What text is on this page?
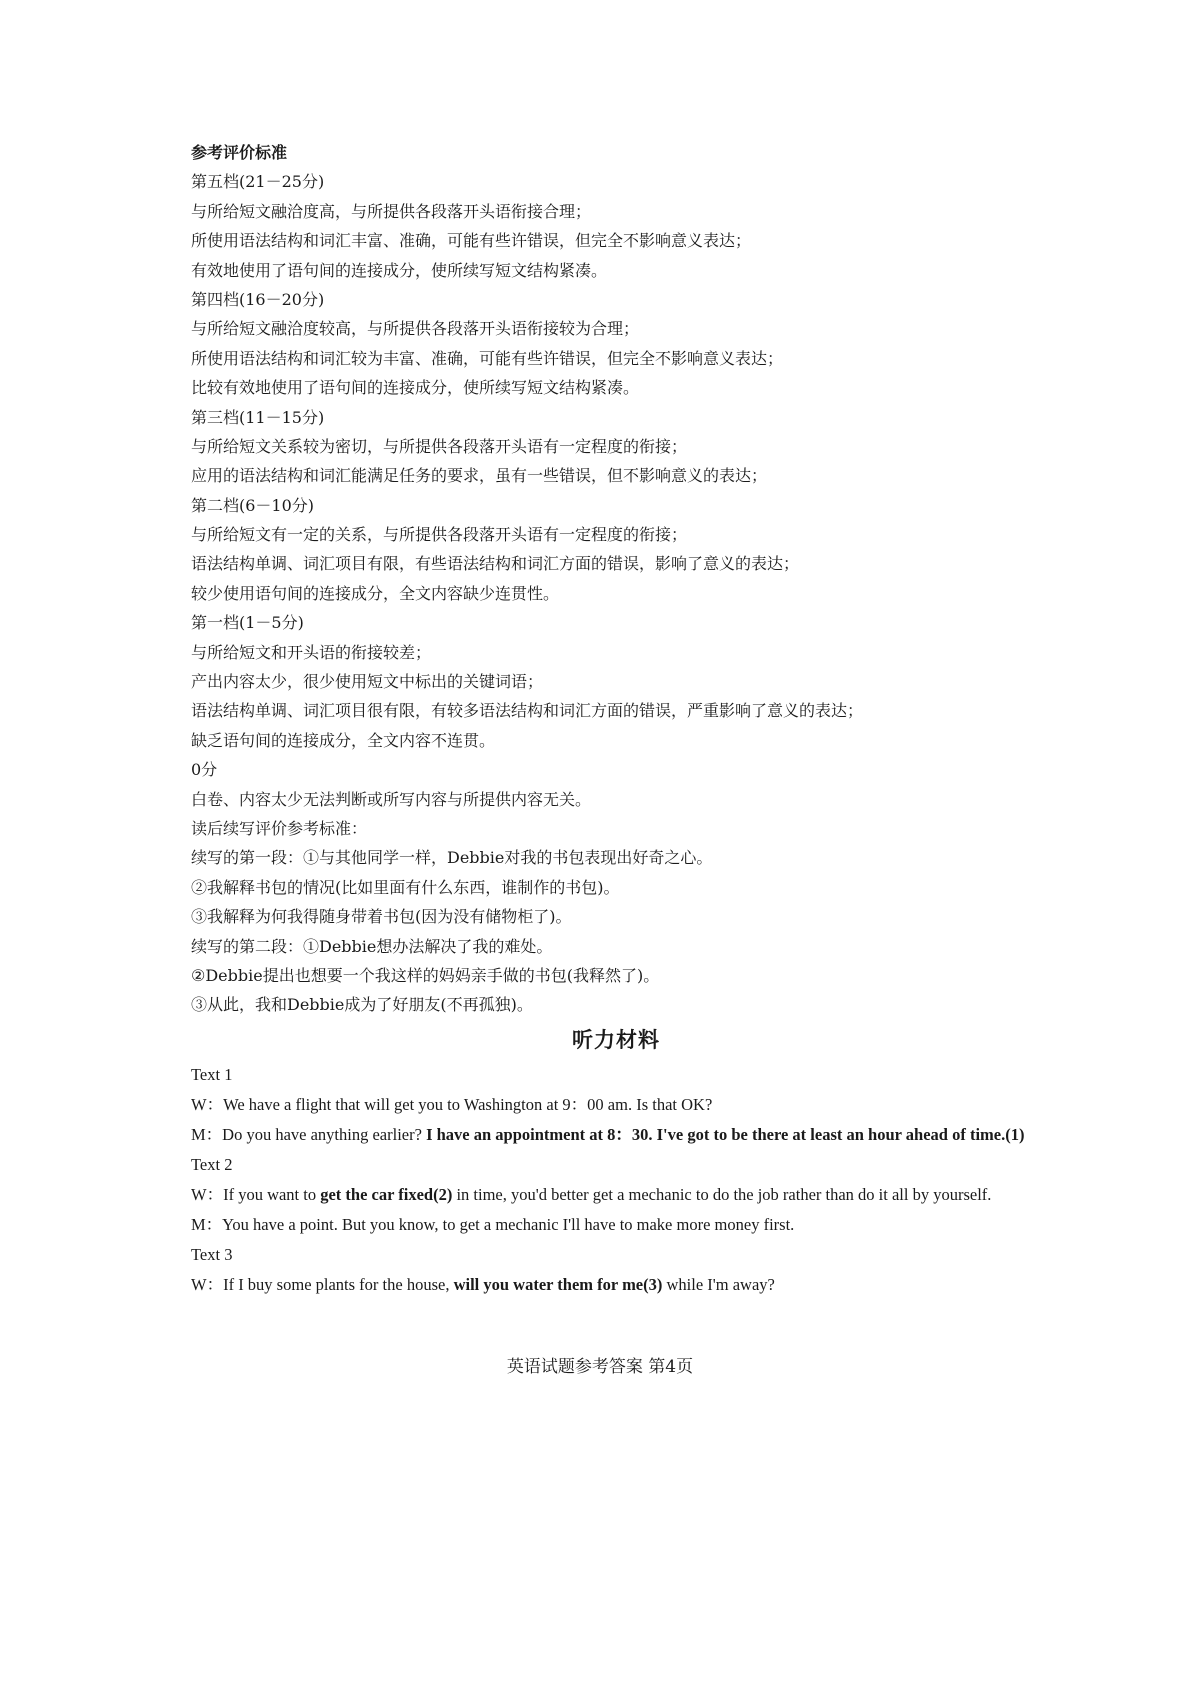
参考评价标准
第五档(21－25分)
与所给短文融洽度高，与所提供各段落开头语衔接合理；
所使用语法结构和词汇丰富、准确，可能有些许错误，但完全不影响意义表达；
有效地使用了语句间的连接成分，使所续写短文结构紧凑。
第四档(16－20分)
与所给短文融洽度较高，与所提供各段落开头语衔接较为合理；
所使用语法结构和词汇较为丰富、准确，可能有些许错误，但完全不影响意义表达；
比较有效地使用了语句间的连接成分，使所续写短文结构紧凑。
第三档(11－15分)
与所给短文关系较为密切，与所提供各段落开头语有一定程度的衔接；
应用的语法结构和词汇能满足任务的要求，虽有一些错误，但不影响意义的表达；
第二档(6－10分)
与所给短文有一定的关系，与所提供各段落开头语有一定程度的衔接；
语法结构单调、词汇项目有限，有些语法结构和词汇方面的错误，影响了意义的表达；
较少使用语句间的连接成分，全文内容缺少连贯性。
第一档(1－5分)
与所给短文和开头语的衔接较差；
产出内容太少，很少使用短文中标出的关键词语；
语法结构单调、词汇项目很有限，有较多语法结构和词汇方面的错误，严重影响了意义的表达；
缺乏语句间的连接成分，全文内容不连贯。
0分
白卷、内容太少无法判断或所写内容与所提供内容无关。
读后续写评价参考标准：
续写的第一段：①与其他同学一样，Debbie对我的书包表现出好奇之心。
②我解释书包的情况(比如里面有什么东西，谁制作的书包)。
③我解释为何我得随身带着书包(因为没有储物柜了)。
续写的第二段：①Debbie想办法解决了我的难处。
②Debbie提出也想要一个我这样的妈妈亲手做的书包(我释然了)。
③从此，我和Debbie成为了好朋友(不再孤独)。
听力材料
Text 1
W：We have a flight that will get you to Washington at 9：00 am. Is that OK?
M：Do you have anything earlier? I have an appointment at 8：30. I've got to be there at least an hour ahead of time.(1)
Text 2
W：If you want to get the car fixed(2) in time, you'd better get a mechanic to do the job rather than do it all by yourself.
M：You have a point. But you know, to get a mechanic I'll have to make more money first.
Text 3
W：If I buy some plants for the house, will you water them for me(3) while I'm away?
英语试题参考答案 第4页
